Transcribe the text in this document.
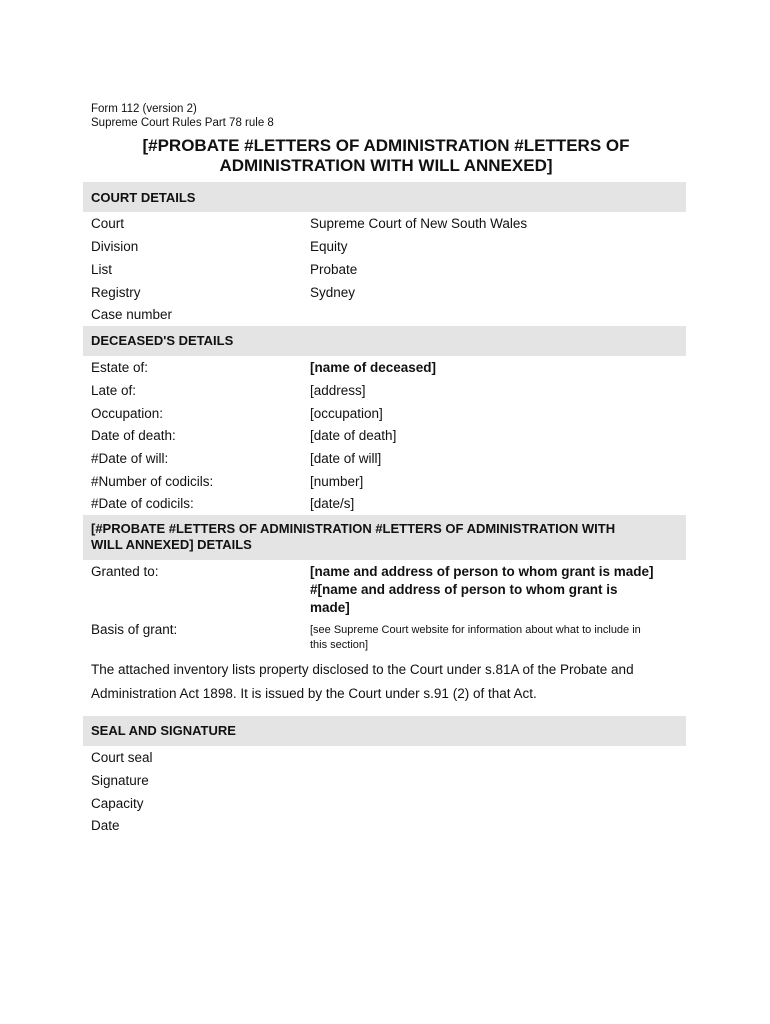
Form 112 (version 2)
Supreme Court Rules Part 78 rule 8
[#PROBATE #LETTERS OF ADMINISTRATION #LETTERS OF
ADMINISTRATION WITH WILL ANNEXED]
COURT DETAILS
Court	Supreme Court of New South Wales
Division	Equity
List	Probate
Registry	Sydney
Case number
DECEASED'S DETAILS
Estate of:	[name of deceased]
Late of:	[address]
Occupation:	[occupation]
Date of death:	[date of death]
#Date of will:	[date of will]
#Number of codicils:	[number]
#Date of codicils:	[date/s]
[#PROBATE #LETTERS OF ADMINISTRATION #LETTERS OF ADMINISTRATION WITH
WILL ANNEXED] DETAILS
Granted to:	[name and address of person to whom grant is made]
#[name and address of person to whom grant is
made]
Basis of grant:	[see Supreme Court website for information about what to include in
this section]
The attached inventory lists property disclosed to the Court under s.81A of the Probate and
Administration Act 1898. It is issued by the Court under s.91 (2) of that Act.
SEAL AND SIGNATURE
Court seal
Signature
Capacity
Date
